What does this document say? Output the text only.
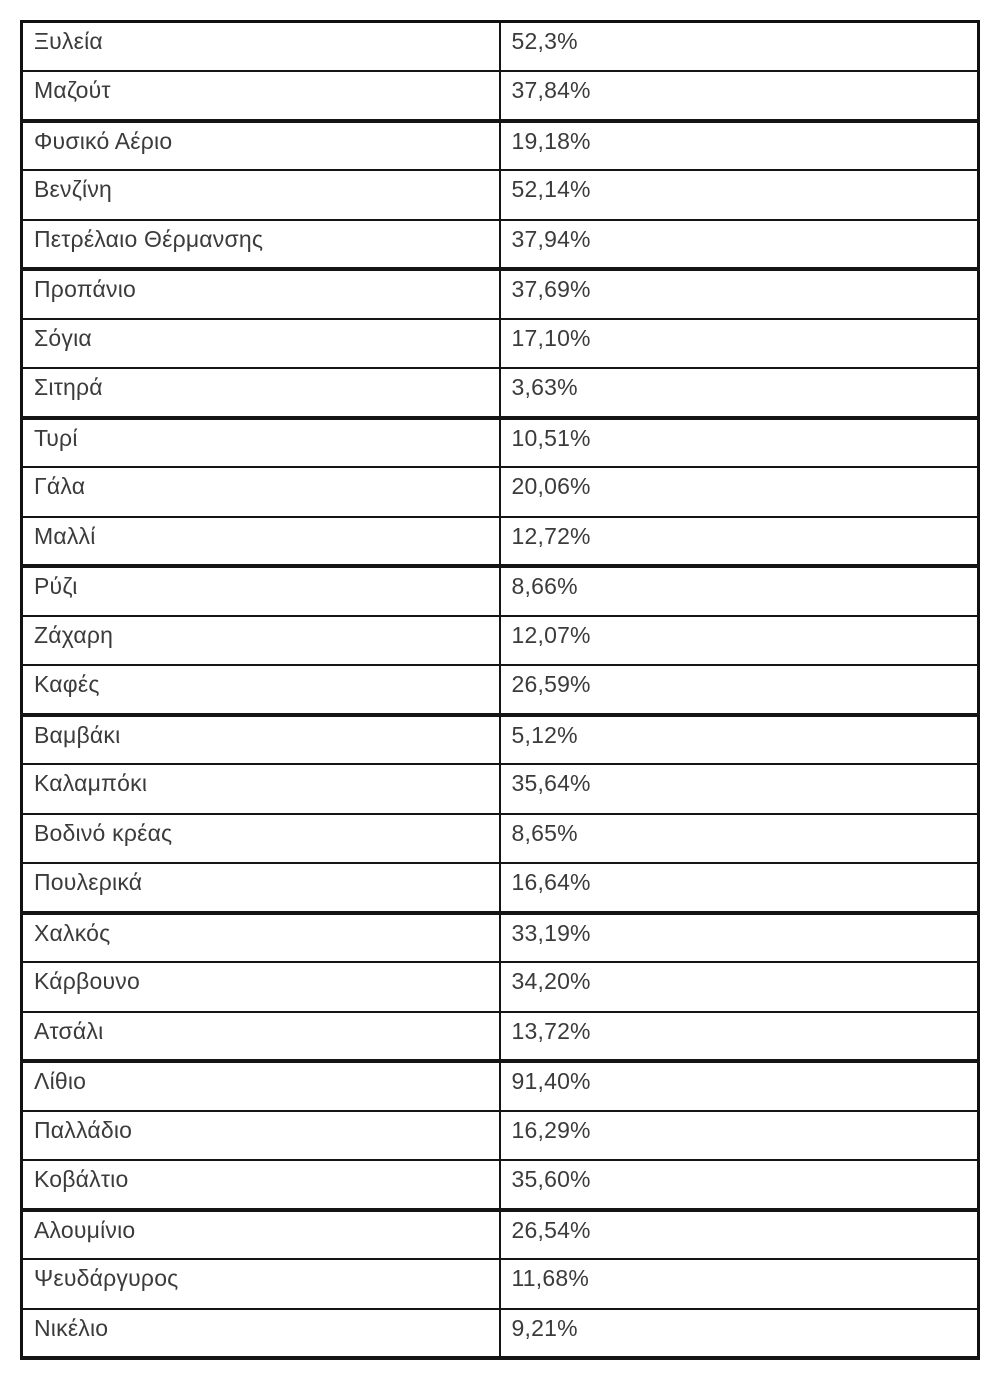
Ξυλεία	52,3%
Μαζούτ	37,84%
Φυσικό Αέριο	19,18%
Βενζίνη	52,14%
Πετρέλαιο Θέρμανσης	37,94%
Προπάνιο	37,69%
Σόγια	17,10%
Σιτηρά	3,63%
Τυρί	10,51%
Γάλα	20,06%
Μαλλί	12,72%
Ρύζι	8,66%
Ζάχαρη	12,07%
Καφές	26,59%
Βαμβάκι	5,12%
Καλαμπόκι	35,64%
Βοδινό κρέας	8,65%
Πουλερικά	16,64%
Χαλκός	33,19%
Κάρβουνο	34,20%
Ατσάλι	13,72%
Λίθιο	91,40%
Παλλάδιο	16,29%
Κοβάλτιο	35,60%
Αλουμίνιο	26,54%
Ψευδάργυρος	11,68%
Νικέλιο	9,21%
